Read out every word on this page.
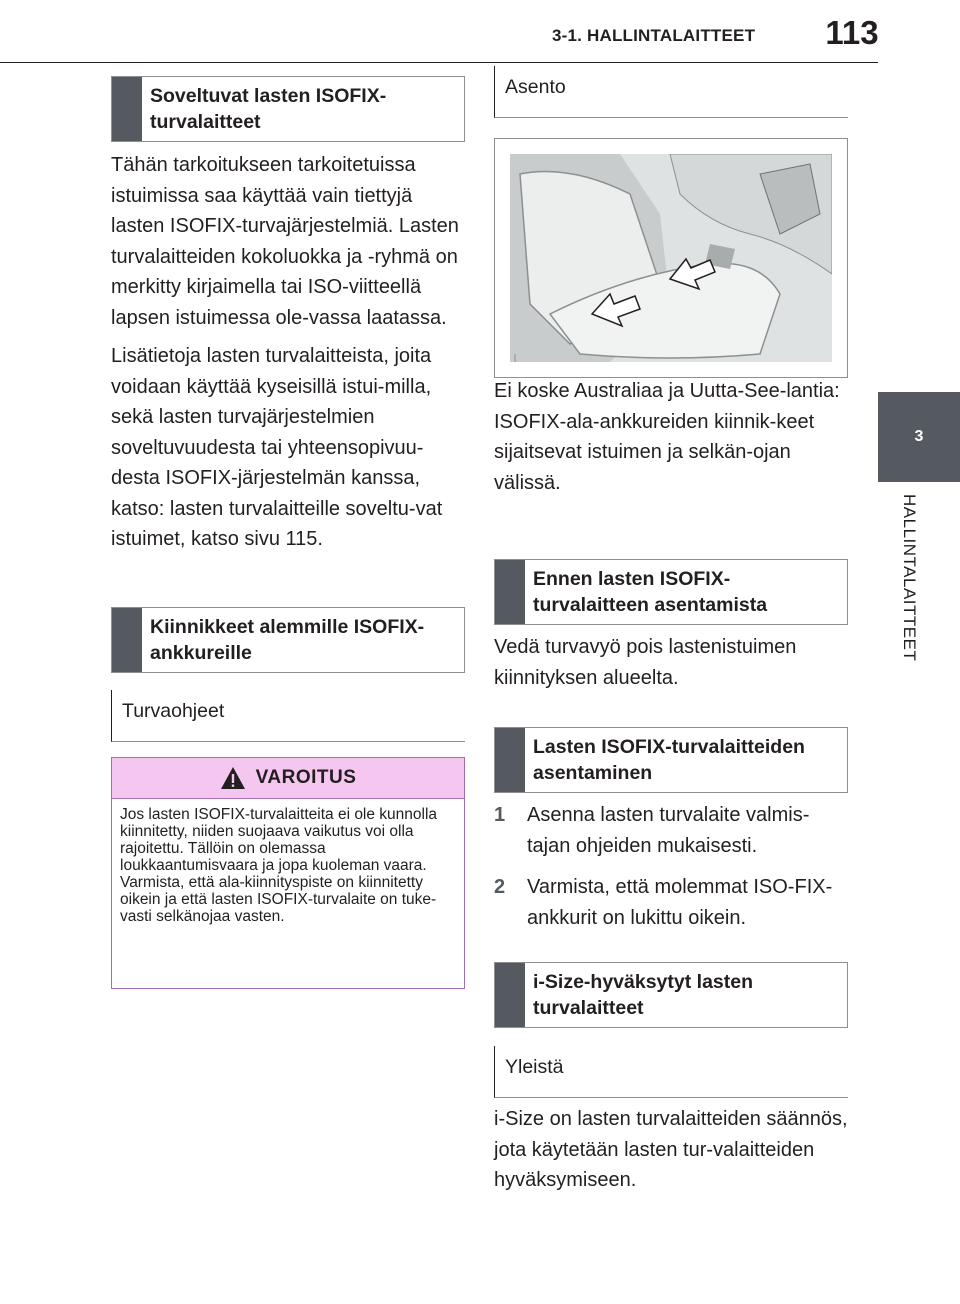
3-1. HALLINTALAITTEET	113
3
HALLINTALAITTEET
Soveltuvat lasten ISOFIX-turvalaitteet

Tähän tarkoitukseen tarkoitetuissa istuimissa saa käyttää vain tiettyjä lasten ISOFIX-turvajärjestelmiä. Lasten turvalaitteiden kokoluokka ja -ryhmä on merkitty kirjaimella tai ISO-viitteellä lapsen istuimessa ole-vassa laatassa.

Lisätietoja lasten turvalaitteista, joita voidaan käyttää kyseisillä istui-milla, sekä lasten turvajärjestelmien soveltuvuudesta tai yhteensopivuu-desta ISOFIX-järjestelmän kanssa, katso: lasten turvalaitteille soveltu-vat istuimet, katso sivu 115.

Kiinnikkeet alemmille ISOFIX-ankkureille
Turvaohjeet
VAROITUS
Jos lasten ISOFIX-turvalaitteita ei ole kunnolla kiinnitetty, niiden suojaava vaikutus voi olla rajoitettu. Tällöin on olemassa loukkaantumisvaara ja jopa kuoleman vaara. Varmista, että ala-kiinnityspiste on kiinnitetty oikein ja että lasten ISOFIX-turvalaite on tuke-vasti selkänojaa vasten.
Asento

Ei koske Australiaa ja Uutta-See-lantia:

ISOFIX-ala-ankkureiden kiinnik-keet sijaitsevat istuimen ja selkän-ojan välissä.

Ennen lasten ISOFIX-turvalaitteen asentamista
Vedä turvavyö pois lastenistuimen kiinnityksen alueelta.
Lasten ISOFIX-turvalaitteiden asentaminen
1	Asenna lasten turvalaite valmis-tajan ohjeiden mukaisesti.
2	Varmista, että molemmat ISO-FIX-ankkurit on lukittu oikein.
i-Size-hyväksytyt lasten turvalaitteet
Yleistä
i-Size on lasten turvalaitteiden säännös, jota käytetään lasten tur-valaitteiden hyväksymiseen.
